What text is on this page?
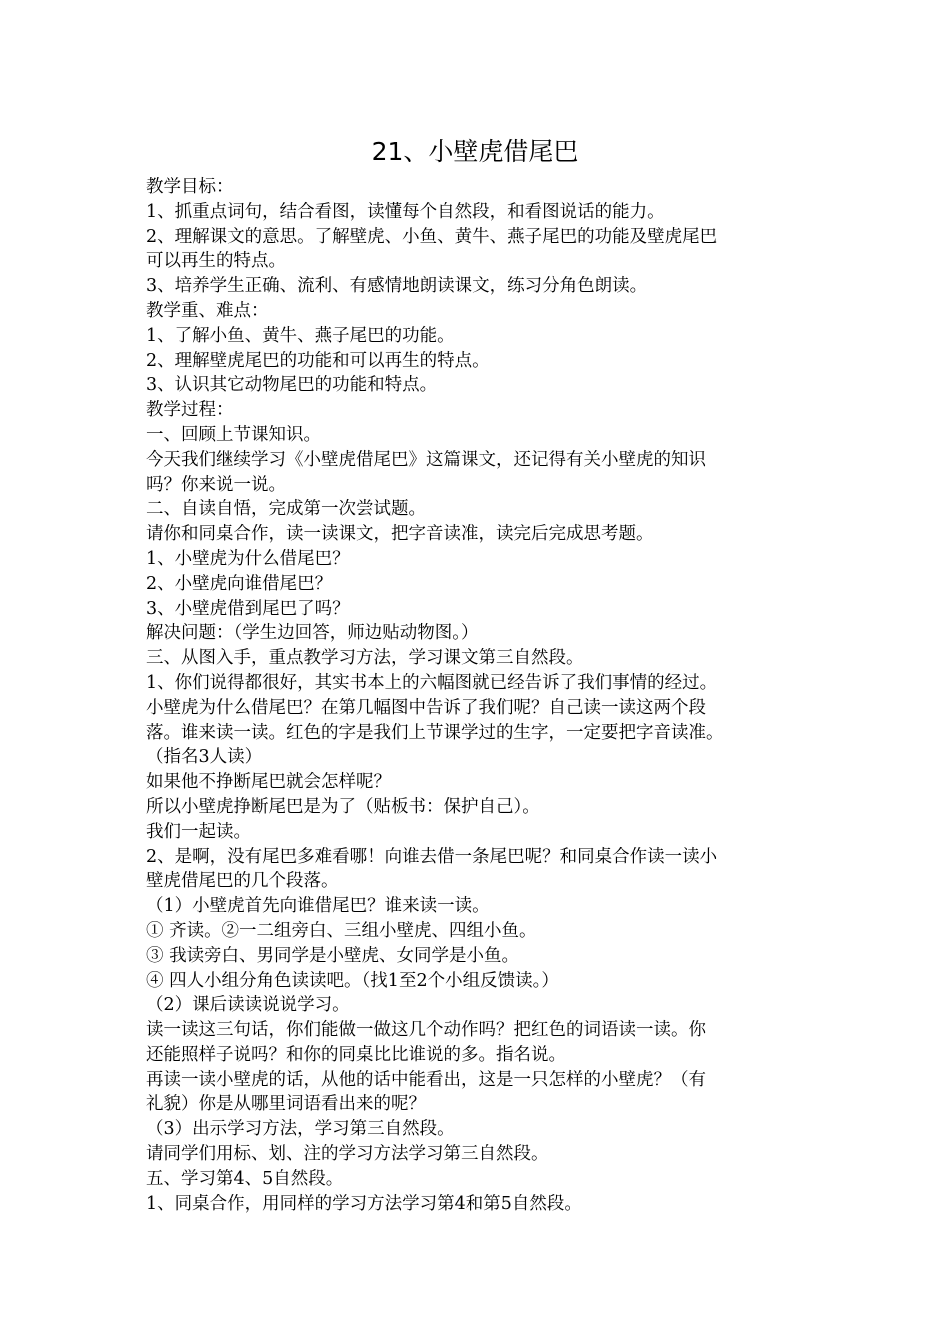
21、小壁虎借尾巴
教学目标：
1、抓重点词句，结合看图，读懂每个自然段，和看图说话的能力。
2、理解课文的意思。了解壁虎、小鱼、黄牛、燕子尾巴的功能及壁虎尾巴
可以再生的特点。
3、培养学生正确、流利、有感情地朗读课文，练习分角色朗读。
教学重、难点：
1、了解小鱼、黄牛、燕子尾巴的功能。
2、理解壁虎尾巴的功能和可以再生的特点。
3、认识其它动物尾巴的功能和特点。
教学过程：
一、回顾上节课知识。
今天我们继续学习《小壁虎借尾巴》这篇课文，还记得有关小壁虎的知识
吗？你来说一说。
二、自读自悟，完成第一次尝试题。
请你和同桌合作，读一读课文，把字音读准，读完后完成思考题。
1、小壁虎为什么借尾巴？
2、小壁虎向谁借尾巴？
3、小壁虎借到尾巴了吗？
解决问题：（学生边回答，师边贴动物图。）
三、从图入手，重点教学习方法，学习课文第三自然段。
1、你们说得都很好，其实书本上的六幅图就已经告诉了我们事情的经过。
小壁虎为什么借尾巴？在第几幅图中告诉了我们呢？自己读一读这两个段
落。谁来读一读。红色的字是我们上节课学过的生字，一定要把字音读准。
（指名3人读）
如果他不挣断尾巴就会怎样呢？
所以小壁虎挣断尾巴是为了（贴板书：保护自己）。
我们一起读。
2、是啊，没有尾巴多难看哪！向谁去借一条尾巴呢？和同桌合作读一读小
壁虎借尾巴的几个段落。
（1）小壁虎首先向谁借尾巴？谁来读一读。
① 齐读。②一二组旁白、三组小壁虎、四组小鱼。
③ 我读旁白、男同学是小壁虎、女同学是小鱼。
④ 四人小组分角色读读吧。（找1至2个小组反馈读。）
（2）课后读读说说学习。
读一读这三句话，你们能做一做这几个动作吗？把红色的词语读一读。你
还能照样子说吗？和你的同桌比比谁说的多。指名说。
再读一读小壁虎的话，从他的话中能看出，这是一只怎样的小壁虎？（有
礼貌）你是从哪里词语看出来的呢？
（3）出示学习方法，学习第三自然段。
请同学们用标、划、注的学习方法学习第三自然段。
五、学习第4、5自然段。
1、同桌合作，用同样的学习方法学习第4和第5自然段。
